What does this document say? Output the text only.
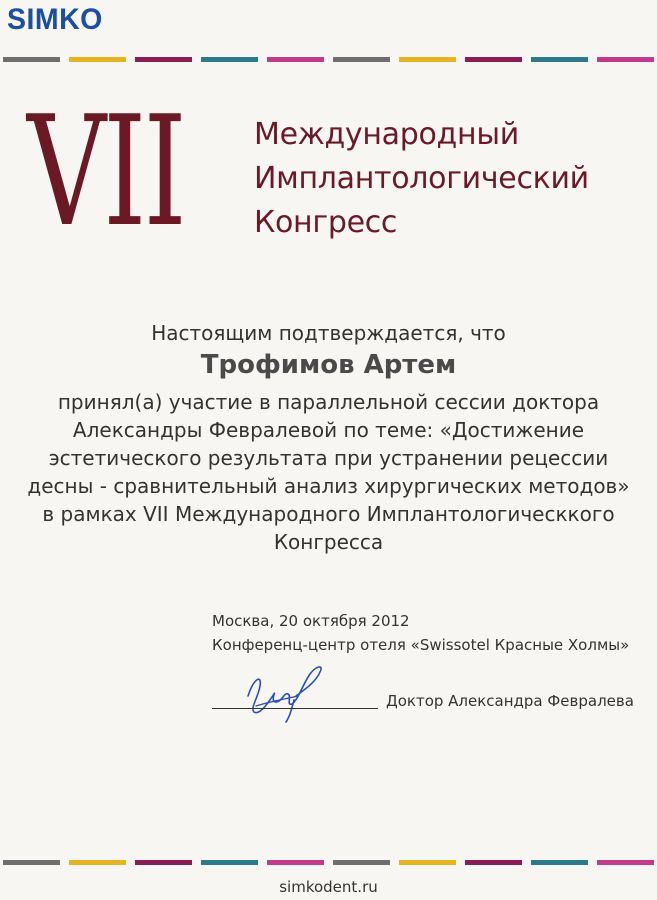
SIMKO
VII Международный
Имплантологический
Конгресс
Настоящим подтверждается, что
Трофимов Артем
принял(а) участие в параллельной сессии доктора
Александры Февралевой по теме: «Достижение
эстетического результата при устранении рецессии
десны - сравнительный анализ хирургических методов»
в рамках VII Международного Имплантологическкого
Конгресса
Москва, 20 октября 2012
Конференц-центр отеля «Swissotel Красные Холмы»
Доктор Александра Февралева
simkodent.ru
